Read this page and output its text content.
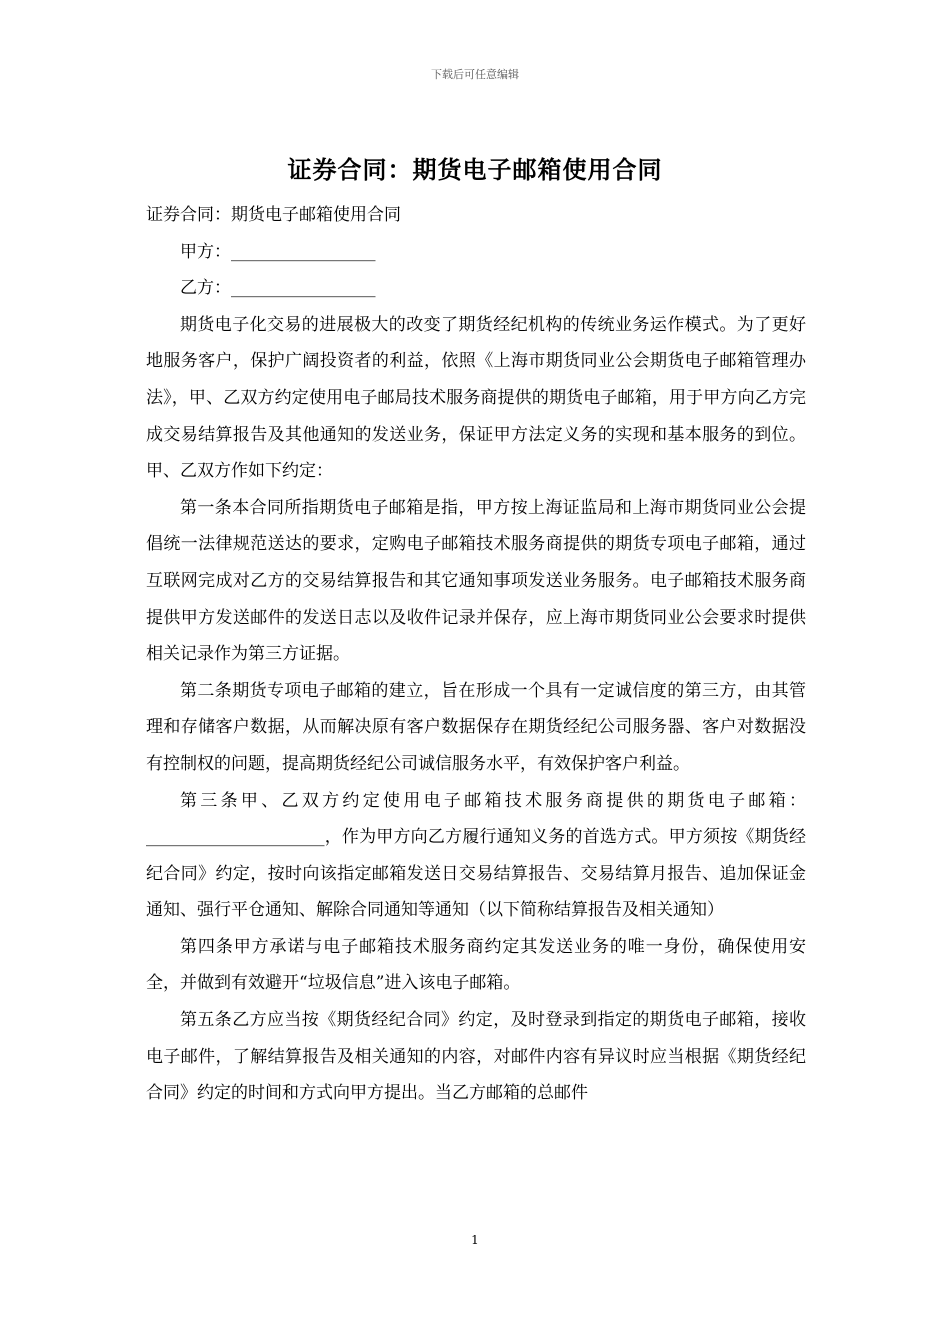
下载后可任意编辑
证券合同：期货电子邮箱使用合同

证券合同：期货电子邮箱使用合同

甲方：_________________

乙方：_________________

期货电子化交易的进展极大的改变了期货经纪机构的传统业务运作模式。为了更好地服务客户，保护广阔投资者的利益，依照《上海市期货同业公会期货电子邮箱管理办法》，甲、乙双方约定使用电子邮局技术服务商提供的期货电子邮箱，用于甲方向乙方完成交易结算报告及其他通知的发送业务，保证甲方法定义务的实现和基本服务的到位。甲、乙双方作如下约定：

第一条本合同所指期货电子邮箱是指，甲方按上海证监局和上海市期货同业公会提倡统一法律规范送达的要求，定购电子邮箱技术服务商提供的期货专项电子邮箱，通过互联网完成对乙方的交易结算报告和其它通知事项发送业务服务。电子邮箱技术服务商提供甲方发送邮件的发送日志以及收件记录并保存，应上海市期货同业公会要求时提供相关记录作为第三方证据。

第二条期货专项电子邮箱的建立，旨在形成一个具有一定诚信度的第三方，由其管理和存储客户数据，从而解决原有客户数据保存在期货经纪公司服务器、客户对数据没有控制权的问题，提高期货经纪公司诚信服务水平，有效保护客户利益。

第三条甲、乙双方约定使用电子邮箱技术服务商提供的期货电子邮箱：_____________________，作为甲方向乙方履行通知义务的首选方式。甲方须按《期货经纪合同》约定，按时向该指定邮箱发送日交易结算报告、交易结算月报告、追加保证金通知、强行平仓通知、解除合同通知等通知（以下简称结算报告及相关通知）

第四条甲方承诺与电子邮箱技术服务商约定其发送业务的唯一身份，确保使用安全，并做到有效避开“垃圾信息”进入该电子邮箱。

第五条乙方应当按《期货经纪合同》约定，及时登录到指定的期货电子邮箱，接收电子邮件，了解结算报告及相关通知的内容，对邮件内容有异议时应当根据《期货经纪合同》约定的时间和方式向甲方提出。当乙方邮箱的总邮件

1
